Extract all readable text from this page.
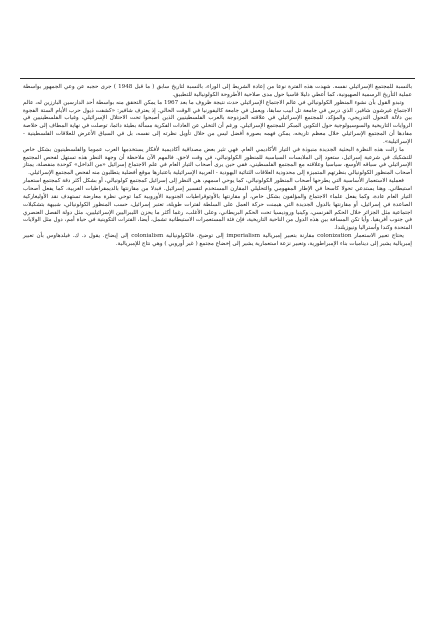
بالنسبة للمجتمع الإسرائيلي نفسه. شهدت هذه الفترة نوعا من إعادة الشريط إلى الوراء، بالنسبة لتاريخ سابق ( ما قبل 1948 ) جرى حجبه عن وعي الجمهور بواسطة عملية التأريخ الرسمية الصهيونية، كما أعطي دليلا قاسيا حول مدى صلاحية الأطروحة الكولونيالية للتطبيق.

وتبدو القول بأن نشوء المنظور الكولونيالي في عالم الاجتماع الإسرائيلي حدث نتيجة ظروف ما بعد 1967 ما يمكن التحقق منه بواسطة أحد الدارسين البارزين له، عالم الاجتماع غيرشون شافير، الذي درس في جامعة تل أبيب سابقا، ويعمل في جامعة كاليفورنيا في الوقت الحالي. إذ يعترف شافير: «كشفت ذيول حرب الأيام الستة الفجوة بين دلالة التحول التدريجي، والمؤكد، للمجتمع الإسرائيلي في علاقته المزدوجة بالعرب الفلسطينيين الذين أصبحوا تحت الاحتلال الإسرائيلي، وغياب الفلسطينيين في الروايات التاريخية والسوسيولوجية حول التكوين المبكر للمجتمع الإسرائيلي. ورغم أن التخلي عن العادات الفكرية مسألة بطيئة دائما، توصلت في نهاية المطاف إلى خلاصة مفادها أن المجتمع الإسرائيلي خلال معظم تاريخه، يمكن فهمه بصورة أفضل ليس من خلال تأويل نظرته إلى نفسه، بل في السياق الأعرض للعلاقات الفلسطينية - الإسرائيلية».

ما زالت هذه النظرة البحثية الجديدة منبوذة في التيار الأكاديمي العام. فهي تثير بعض مصداقية أكاديمية لأفكار يستخدمها العرب عموما والفلسطينيون بشكل خاص للتشكيك في شرعية إسرائيل، ستعود إلى الملابسات السياسية للمنظور الكولونيالي، في وقت لاحق. فالمهم الآن ملاحظة أن وجهة النظر هذه تستهل لفحص المجتمع الإسرائيلي في سياقه الأوسع، سياسيا وعلاقته مع المجتمع الفلسطيني، ففي حين يرى أصحاب التيار العام في علم الاجتماع إسرائيل «من الداخل» كوحدة منفصلة، يمتاز أصحاب المنظور الكولونيالي بنظرتهم المتميزة إلى محدودية العلاقات الثنائية اليهودية - العربية الإسرائيلية باعتبارها موقع أفضلية يتطلبون منه لفحص المجتمع الإسرائيلي.

فعملية الاستعمار الأساسية التي يطرحها أصحاب المنظور الكولونيالي، كما يوحي اسمهم، هي النظر إلى إسرائيل كمجتمع كولونيالي، أو بشكل أكثر دقة كمجتمع استعمار استيطاني. وهنا يستدعي تحولا كاسحا في الإطار المفهومي والتحليلي المقارن المستخدم لتفسير إسرائيل. فبدلا من مقارنتها بالديمقراطيات الغربية، كما يفعل أصحاب التيار العام عادة، وكما يفعل علماء الاجتماع والمؤلفون بشكل خاص، أو مقارنتها بالأوتوقراطيات الجنوبية الأوروبية كما توحي نظرة معارضة تستهدف نقد الأوليغاركية الصاعدة في إسرائيل، أو مقارنتها بالدول الجديدة التي هيمنت حركة العمل على السلطة لفترات طويلة، تعتبر إسرائيل، حسب المنظور الكولونيالي، شبيهة بتشكيلات اجتماعية مثل الجزائر خلال الحكم الفرنسي، وكينيا وروديسيا تحت الحكم البريطاني، وعلى الأغلب، رغما أكثر ما يحزن الليبراليين الإسرائيليين، مثل دولة الفصل العنصري في جنوب أفريقيا. وأيا تكن المسافة بين هذه الدول من الناحية التاريخية، فإن فئة المستعمرات الاستيطانية تشمل، أيضا، الفترات التكوينية في حياة أمم، دول مثل الولايات المتحدة وكندا وأستراليا ونيوزيلندا.

يحتاج تعبير الاستعمار colonization مقارنة بتعبير إمبريالية imperialism إلى توضيح. فالكولونيالية colonialism إلى إيضاح. يقول د. ك. فيلدهاوس بأن تعبير إمبريالية يشير إلى ديناميات بناء الإمبراطورية، وتعبير نزعة استعمارية يشير إلى إخضاع مجتمع ( غير أوروبي ) وهي نتاج للإمبريالية.
